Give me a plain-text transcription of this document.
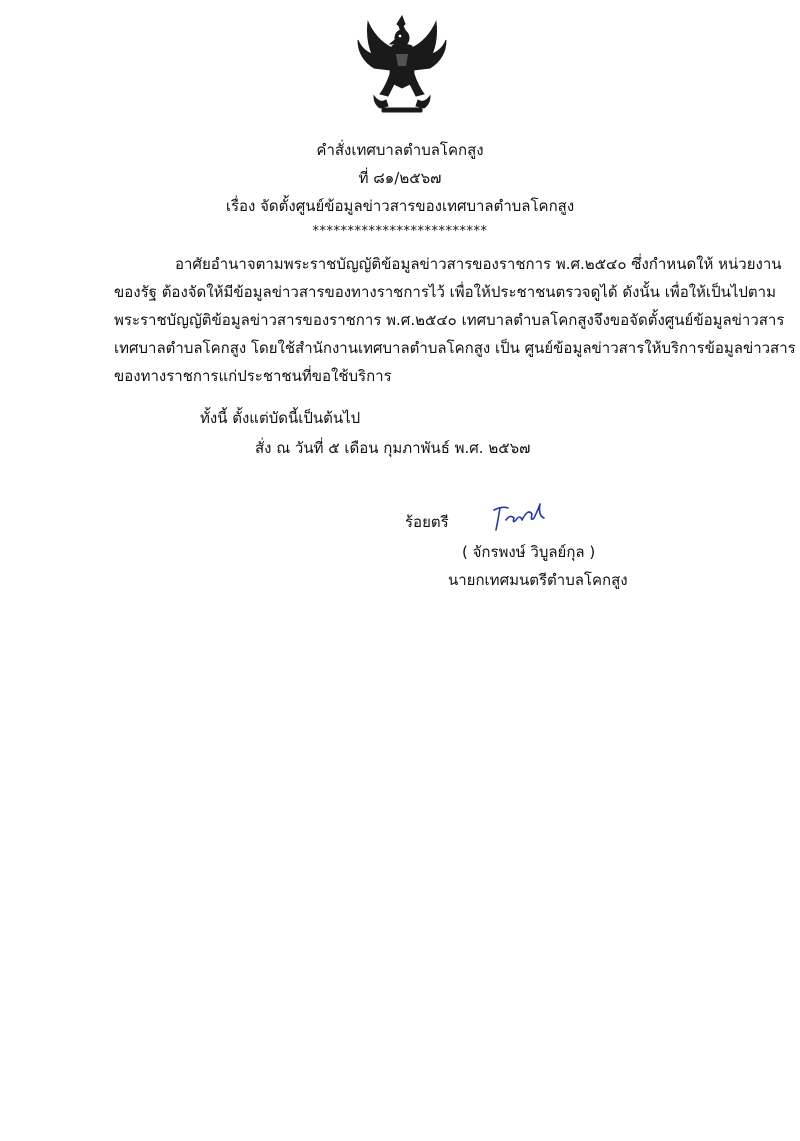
คำสั่งเทศบาลตำบลโคกสูง
ที่ ๘๑/๒๕๖๗
เรื่อง จัดตั้งศูนย์ข้อมูลข่าวสารของเทศบาลตำบลโคกสูง
*************************
อาศัยอำนาจตามพระราชบัญญัติข้อมูลข่าวสารของราชการ พ.ศ.๒๕๔๐ ซึ่งกำหนดให้ หน่วยงาน
ของรัฐ ต้องจัดให้มีข้อมูลข่าวสารของทางราชการไว้ เพื่อให้ประชาชนตรวจดูได้ ดังนั้น เพื่อให้เป็นไปตาม
พระราชบัญญัติข้อมูลข่าวสารของราชการ พ.ศ.๒๕๔๐ เทศบาลตำบลโคกสูงจึงขอจัดตั้งศูนย์ข้อมูลข่าวสาร
เทศบาลตำบลโคกสูง โดยใช้สำนักงานเทศบาลตำบลโคกสูง เป็น ศูนย์ข้อมูลข่าวสารให้บริการข้อมูลข่าวสาร
ของทางราชการแก่ประชาชนที่ขอใช้บริการ
ทั้งนี้ ตั้งแต่บัดนี้เป็นต้นไป
สั่ง ณ วันที่ ๕ เดือน กุมภาพันธ์ พ.ศ. ๒๕๖๗
ร้อยตรี
( จักรพงษ์ วิบูลย์กุล )
นายกเทศมนตรีตำบลโคกสูง
